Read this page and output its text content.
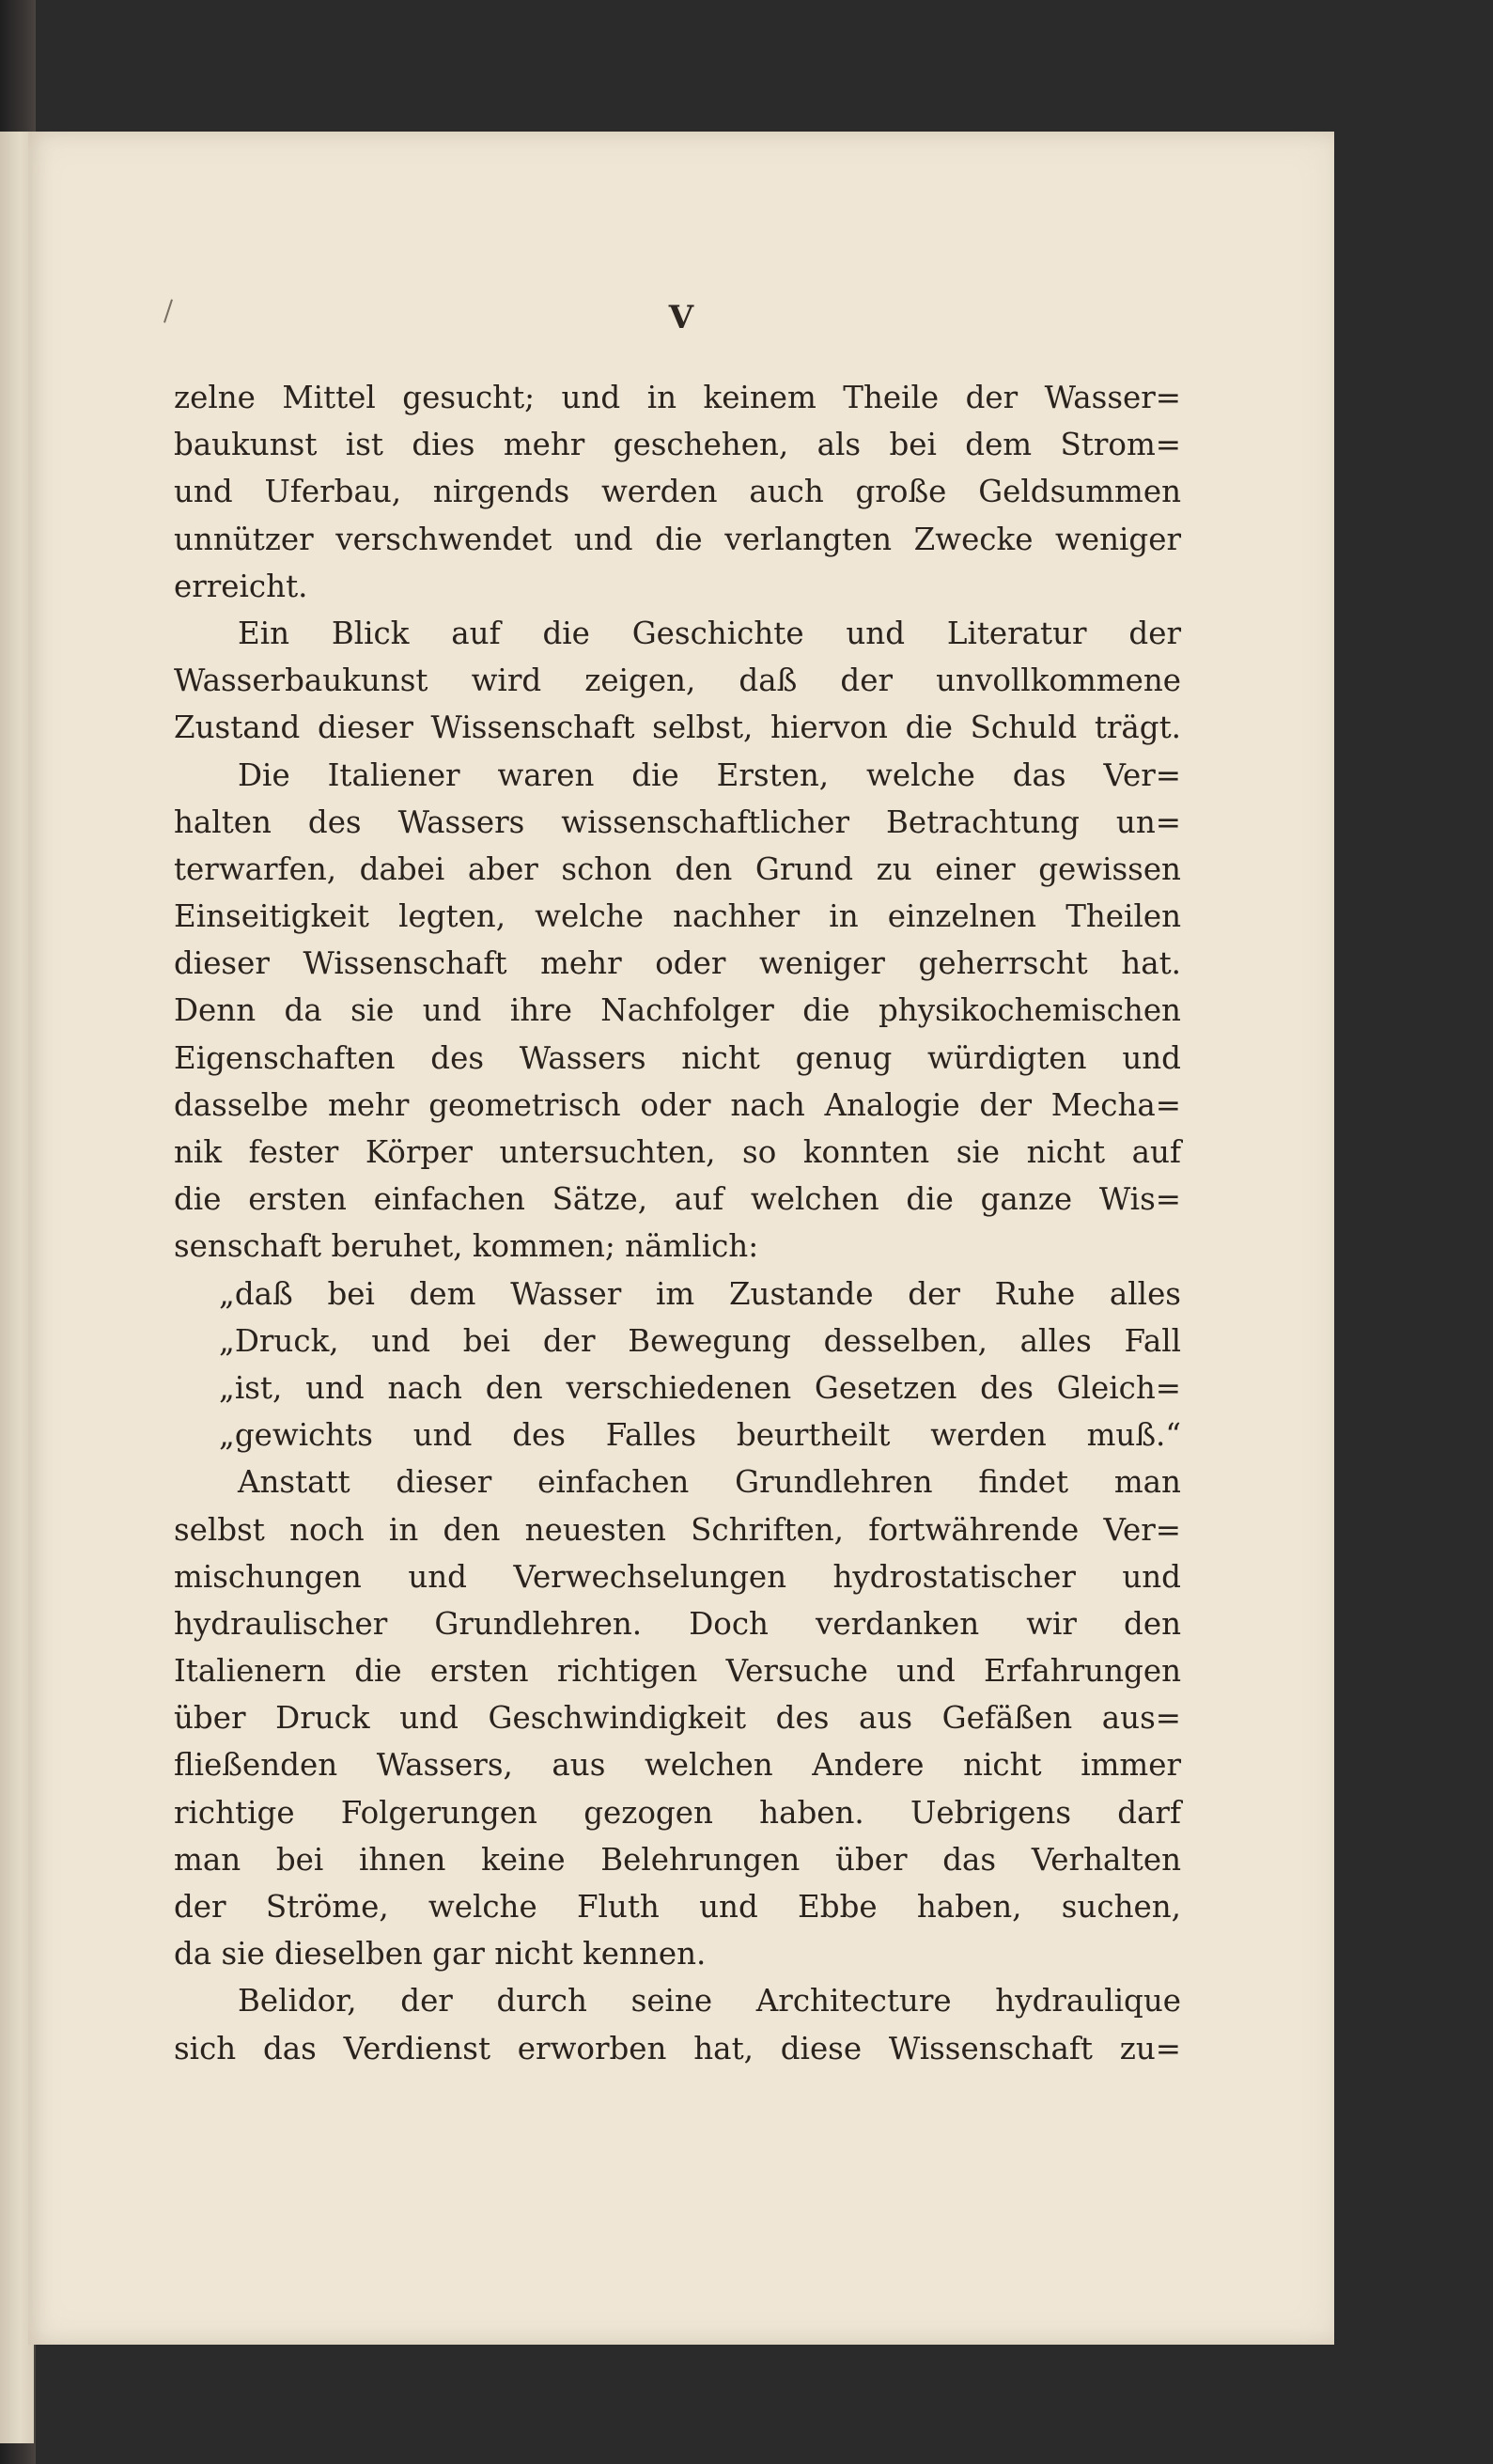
V

zelne Mittel gesucht; und in keinem Theile der Wasser=

baukunst ist dies mehr geschehen, als bei dem Strom=

und Uferbau, nirgends werden auch große Geldsummen

unnützer verschwendet und die verlangten Zwecke weniger

erreicht.

Ein Blick auf die Geschichte und Literatur der

Wasserbaukunst wird zeigen, daß der unvollkommene

Zustand dieser Wissenschaft selbst, hiervon die Schuld trägt.

Die Italiener waren die Ersten, welche das Ver=

halten des Wassers wissenschaftlicher Betrachtung un=

terwarfen, dabei aber schon den Grund zu einer gewissen

Einseitigkeit legten, welche nachher in einzelnen Theilen

dieser Wissenschaft mehr oder weniger geherrscht hat.

Denn da sie und ihre Nachfolger die physikochemischen

Eigenschaften des Wassers nicht genug würdigten und

dasselbe mehr geometrisch oder nach Analogie der Mecha=

nik fester Körper untersuchten, so konnten sie nicht auf

die ersten einfachen Sätze, auf welchen die ganze Wis=

senschaft beruhet, kommen; nämlich:

„daß bei dem Wasser im Zustande der Ruhe alles

„Druck, und bei der Bewegung desselben, alles Fall

„ist, und nach den verschiedenen Gesetzen des Gleich=

„gewichts und des Falles beurtheilt werden muß.“

Anstatt dieser einfachen Grundlehren findet man

selbst noch in den neuesten Schriften, fortwährende Ver=

mischungen und Verwechselungen hydrostatischer und

hydraulischer Grundlehren. Doch verdanken wir den

Italienern die ersten richtigen Versuche und Erfahrungen

über Druck und Geschwindigkeit des aus Gefäßen aus=

fließenden Wassers, aus welchen Andere nicht immer

richtige Folgerungen gezogen haben. Uebrigens darf

man bei ihnen keine Belehrungen über das Verhalten

der Ströme, welche Fluth und Ebbe haben, suchen,

da sie dieselben gar nicht kennen.

Belidor, der durch seine Architecture hydraulique

sich das Verdienst erworben hat, diese Wissenschaft zu=
